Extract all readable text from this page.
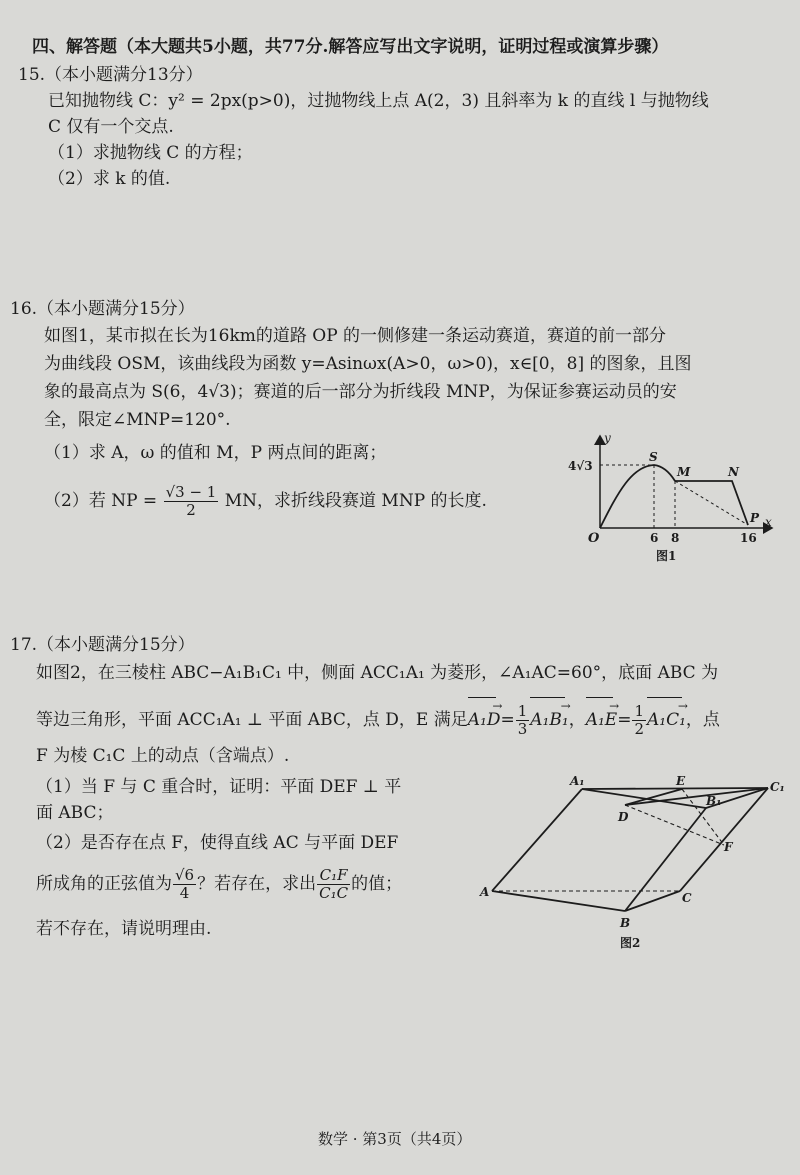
四、解答题（本大题共5小题，共77分.解答应写出文字说明，证明过程或演算步骤）
15.（本小题满分13分）
已知抛物线 C：y² = 2px(p>0)，过抛物线上点 A(2，3) 且斜率为 k 的直线 l 与抛物线
C 仅有一个交点.
（1）求抛物线 C 的方程；
（2）求 k 的值.
16.（本小题满分15分）
如图1，某市拟在长为16km的道路 OP 的一侧修建一条运动赛道，赛道的前一部分
为曲线段 OSM，该曲线段为函数 y=Asinωx(A>0，ω>0)，x∈[0，8] 的图象，且图
象的最高点为 S(6，4√3)；赛道的后一部分为折线段 MNP，为保证参赛运动员的安
全，限定∠MNP=120°.
（1）求 A，ω 的值和 M，P 两点间的距离；
（2）若 NP = $\frac{√3 - 1}{2}$ MN，求折线段赛道 MNP 的长度.
y
x
O
4√3
6 8	16
S
M	N
P
图1
17.（本小题满分15分）
如图2，在三棱柱 ABC−A₁B₁C₁ 中，侧面 ACC₁A₁ 为菱形，∠A₁AC=60°，底面 ABC 为
等边三角形，平面 ACC₁A₁ ⊥ 平面 ABC，点 D，E 满足
→ $A_1D= \frac{1}{3}$
→ A₁B₁，
→ $A_1E= \frac{1}{2}$
→ A₁C₁，点
F 为棱 C₁C 上的动点（含端点）.
（1）当 F 与 C 重合时，证明：平面 DEF ⊥ 平
面 ABC；
（2）是否存在点 F，使得直线 AC 与平面 DEF
所成角的正弦值为 $\frac{√6}{4}$ ？若存在，求出 $\frac{\text{C₁F}}{\text{C₁C}}$ 的值；
若不存在，请说明理由.
A₁	E	C₁
D
B₁
F
A	C
B
图2
数学 · 第3页（共4页）
